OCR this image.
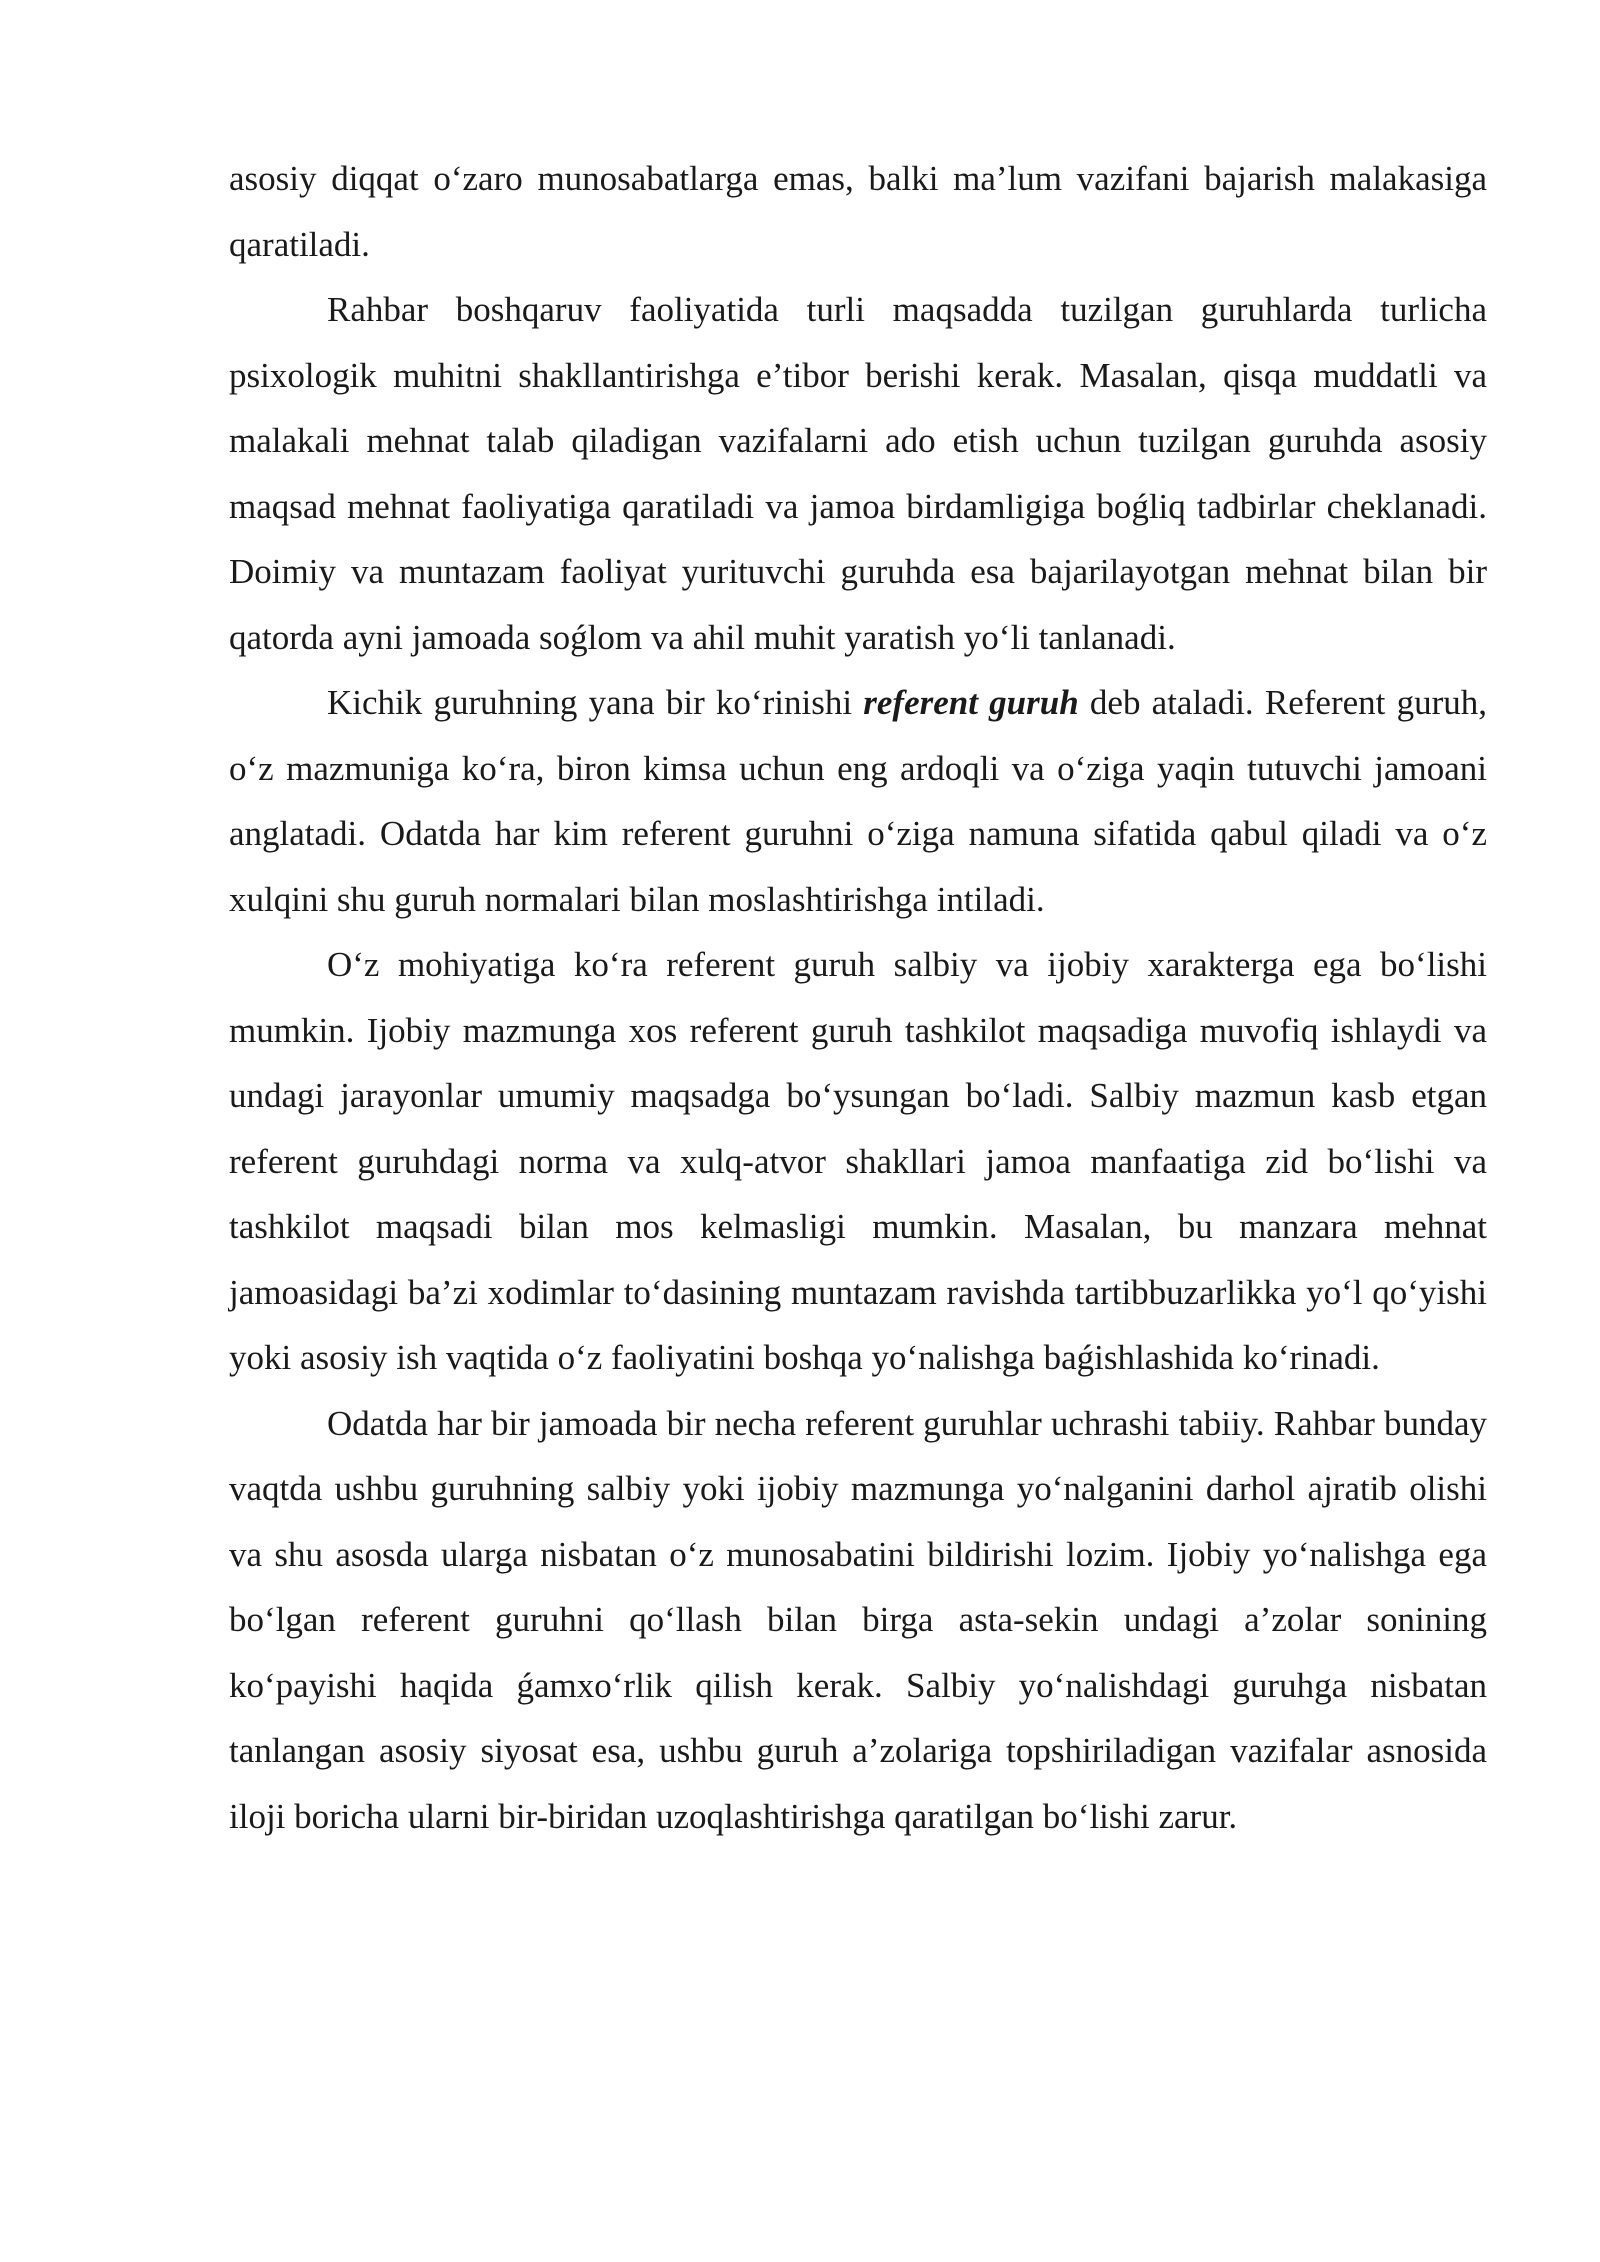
asosiy diqqat o‘zaro munosabatlarga emas, balki ma’lum vazifani bajarish malakasiga qaratiladi.

Rahbar boshqaruv faoliyatida turli maqsadda tuzilgan guruhlarda turlicha psixologik muhitni shakllantirishga e’tibor berishi kerak. Masalan, qisqa muddatli va malakali mehnat talab qiladigan vazifalarni ado etish uchun tuzilgan guruhda asosiy maqsad mehnat faoliyatiga qaratiladi va jamoa birdamligiga boǵliq tadbirlar cheklanadi. Doimiy va muntazam faoliyat yurituvchi guruhda esa bajarilayotgan mehnat bilan bir qatorda ayni jamoada soǵlom va ahil muhit yaratish yo‘li tanlanadi.

Kichik guruhning yana bir ko‘rinishi referent guruh deb ataladi. Referent guruh, o‘z mazmuniga ko‘ra, biron kimsa uchun eng ardoqli va o‘ziga yaqin tutuvchi jamoani anglatadi. Odatda har kim referent guruhni o‘ziga namuna sifatida qabul qiladi va o‘z xulqini shu guruh normalari bilan moslashtirishga intiladi.

O‘z mohiyatiga ko‘ra referent guruh salbiy va ijobiy xarakterga ega bo‘lishi mumkin. Ijobiy mazmunga xos referent guruh tashkilot maqsadiga muvofiq ishlaydi va undagi jarayonlar umumiy maqsadga bo‘ysungan bo‘ladi. Salbiy mazmun kasb etgan referent guruhdagi norma va xulq-atvor shakllari jamoa manfaatiga zid bo‘lishi va tashkilot maqsadi bilan mos kelmasligi mumkin. Masalan, bu manzara mehnat jamoasidagi ba’zi xodimlar to‘dasining muntazam ravishda tartibbuzarlikka yo‘l qo‘yishi yoki asosiy ish vaqtida o‘z faoliyatini boshqa yo‘nalishga baǵishlashida ko‘rinadi.

Odatda har bir jamoada bir necha referent guruhlar uchrashi tabiiy. Rahbar bunday vaqtda ushbu guruhning salbiy yoki ijobiy mazmunga yo‘nalganini darhol ajratib olishi va shu asosda ularga nisbatan o‘z munosabatini bildirishi lozim. Ijobiy yo‘nalishga ega bo‘lgan referent guruhni qo‘llash bilan birga asta-sekin undagi a’zolar sonining ko‘payishi haqida ǵamxo‘rlik qilish kerak. Salbiy yo‘nalishdagi guruhga nisbatan tanlangan asosiy siyosat esa, ushbu guruh a’zolariga topshiriladigan vazifalar asnosida iloji boricha ularni bir-biridan uzoqlashtirishga qaratilgan bo‘lishi zarur.
